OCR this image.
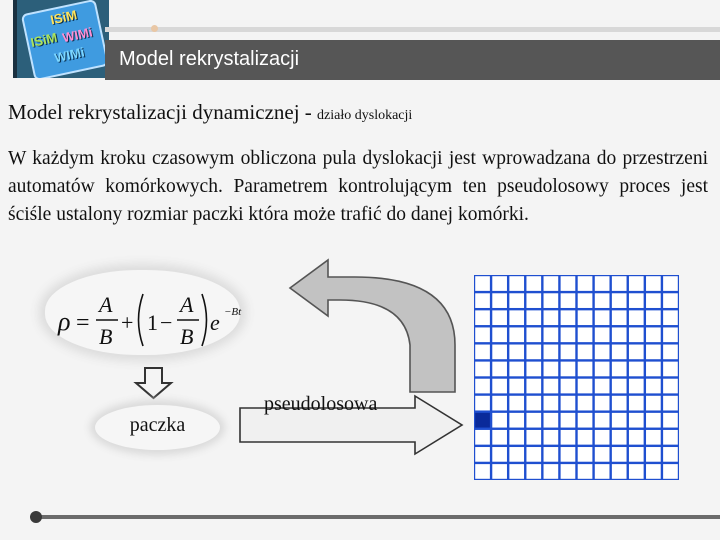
ISiM
ISiM WIMi
WIMi Model rekrystalizacji
Model rekrystalizacji dynamicznej - działo dyslokacji
W każdym kroku czasowym obliczona pula dyslokacji jest wprowadzana do przestrzeni automatów komórkowych. Parametrem kontrolującym ten pseudolosowy proces jest ściśle ustalony rozmiar paczki która może trafić do danej komórki.
ρ =
A
B
+ 1 −
A
B
e −Bt
paczka
pseudolosowa
